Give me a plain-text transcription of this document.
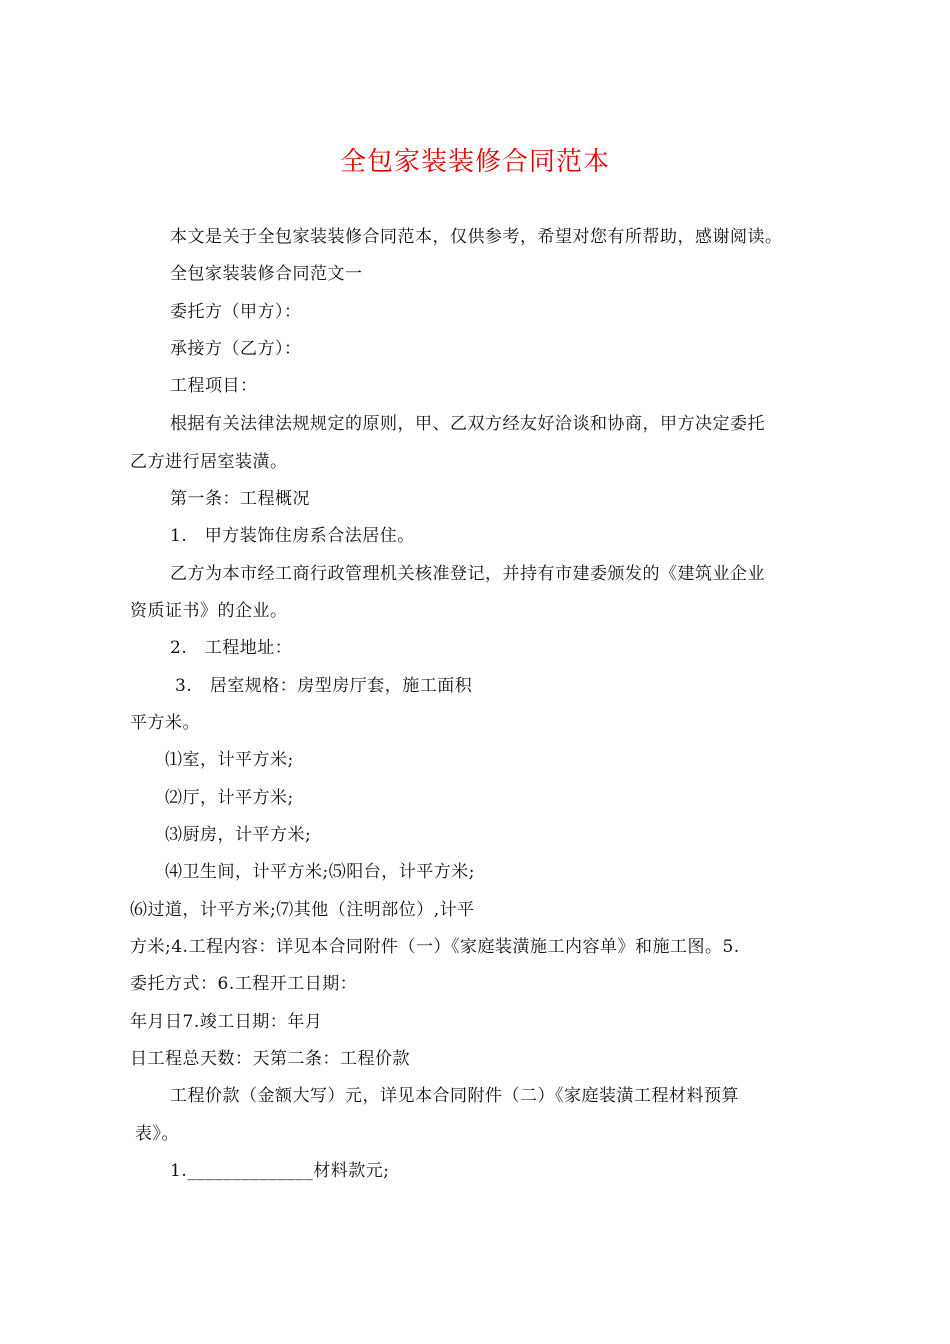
全包家装装修合同范本
本文是关于全包家装装修合同范本，仅供参考，希望对您有所帮助，感谢阅读。
全包家装装修合同范文一
委托方（甲方）：
承接方（乙方）：
工程项目：
根据有关法律法规规定的原则，甲、乙双方经友好洽谈和协商，甲方决定委托
乙方进行居室装潢。
第一条：工程概况
1.　甲方装饰住房系合法居住。
乙方为本市经工商行政管理机关核准登记，并持有市建委颁发的《建筑业企业
资质证书》的企业。
2.　工程地址：
3.　居室规格：房型房厅套，施工面积
平方米。
⑴室，计平方米;
⑵厅，计平方米;
⑶厨房，计平方米;
⑷卫生间，计平方米;⑸阳台，计平方米;
⑹过道，计平方米;⑺其他（注明部位）,计平
方米;4.工程内容：详见本合同附件（一）《家庭装潢施工内容单》和施工图。5.
委托方式：6.工程开工日期：
年月日7.竣工日期：年月
日工程总天数：天第二条：工程价款
工程价款（金额大写）元，详见本合同附件（二）《家庭装潢工程材料预算
表》。
1.______________材料款元;
